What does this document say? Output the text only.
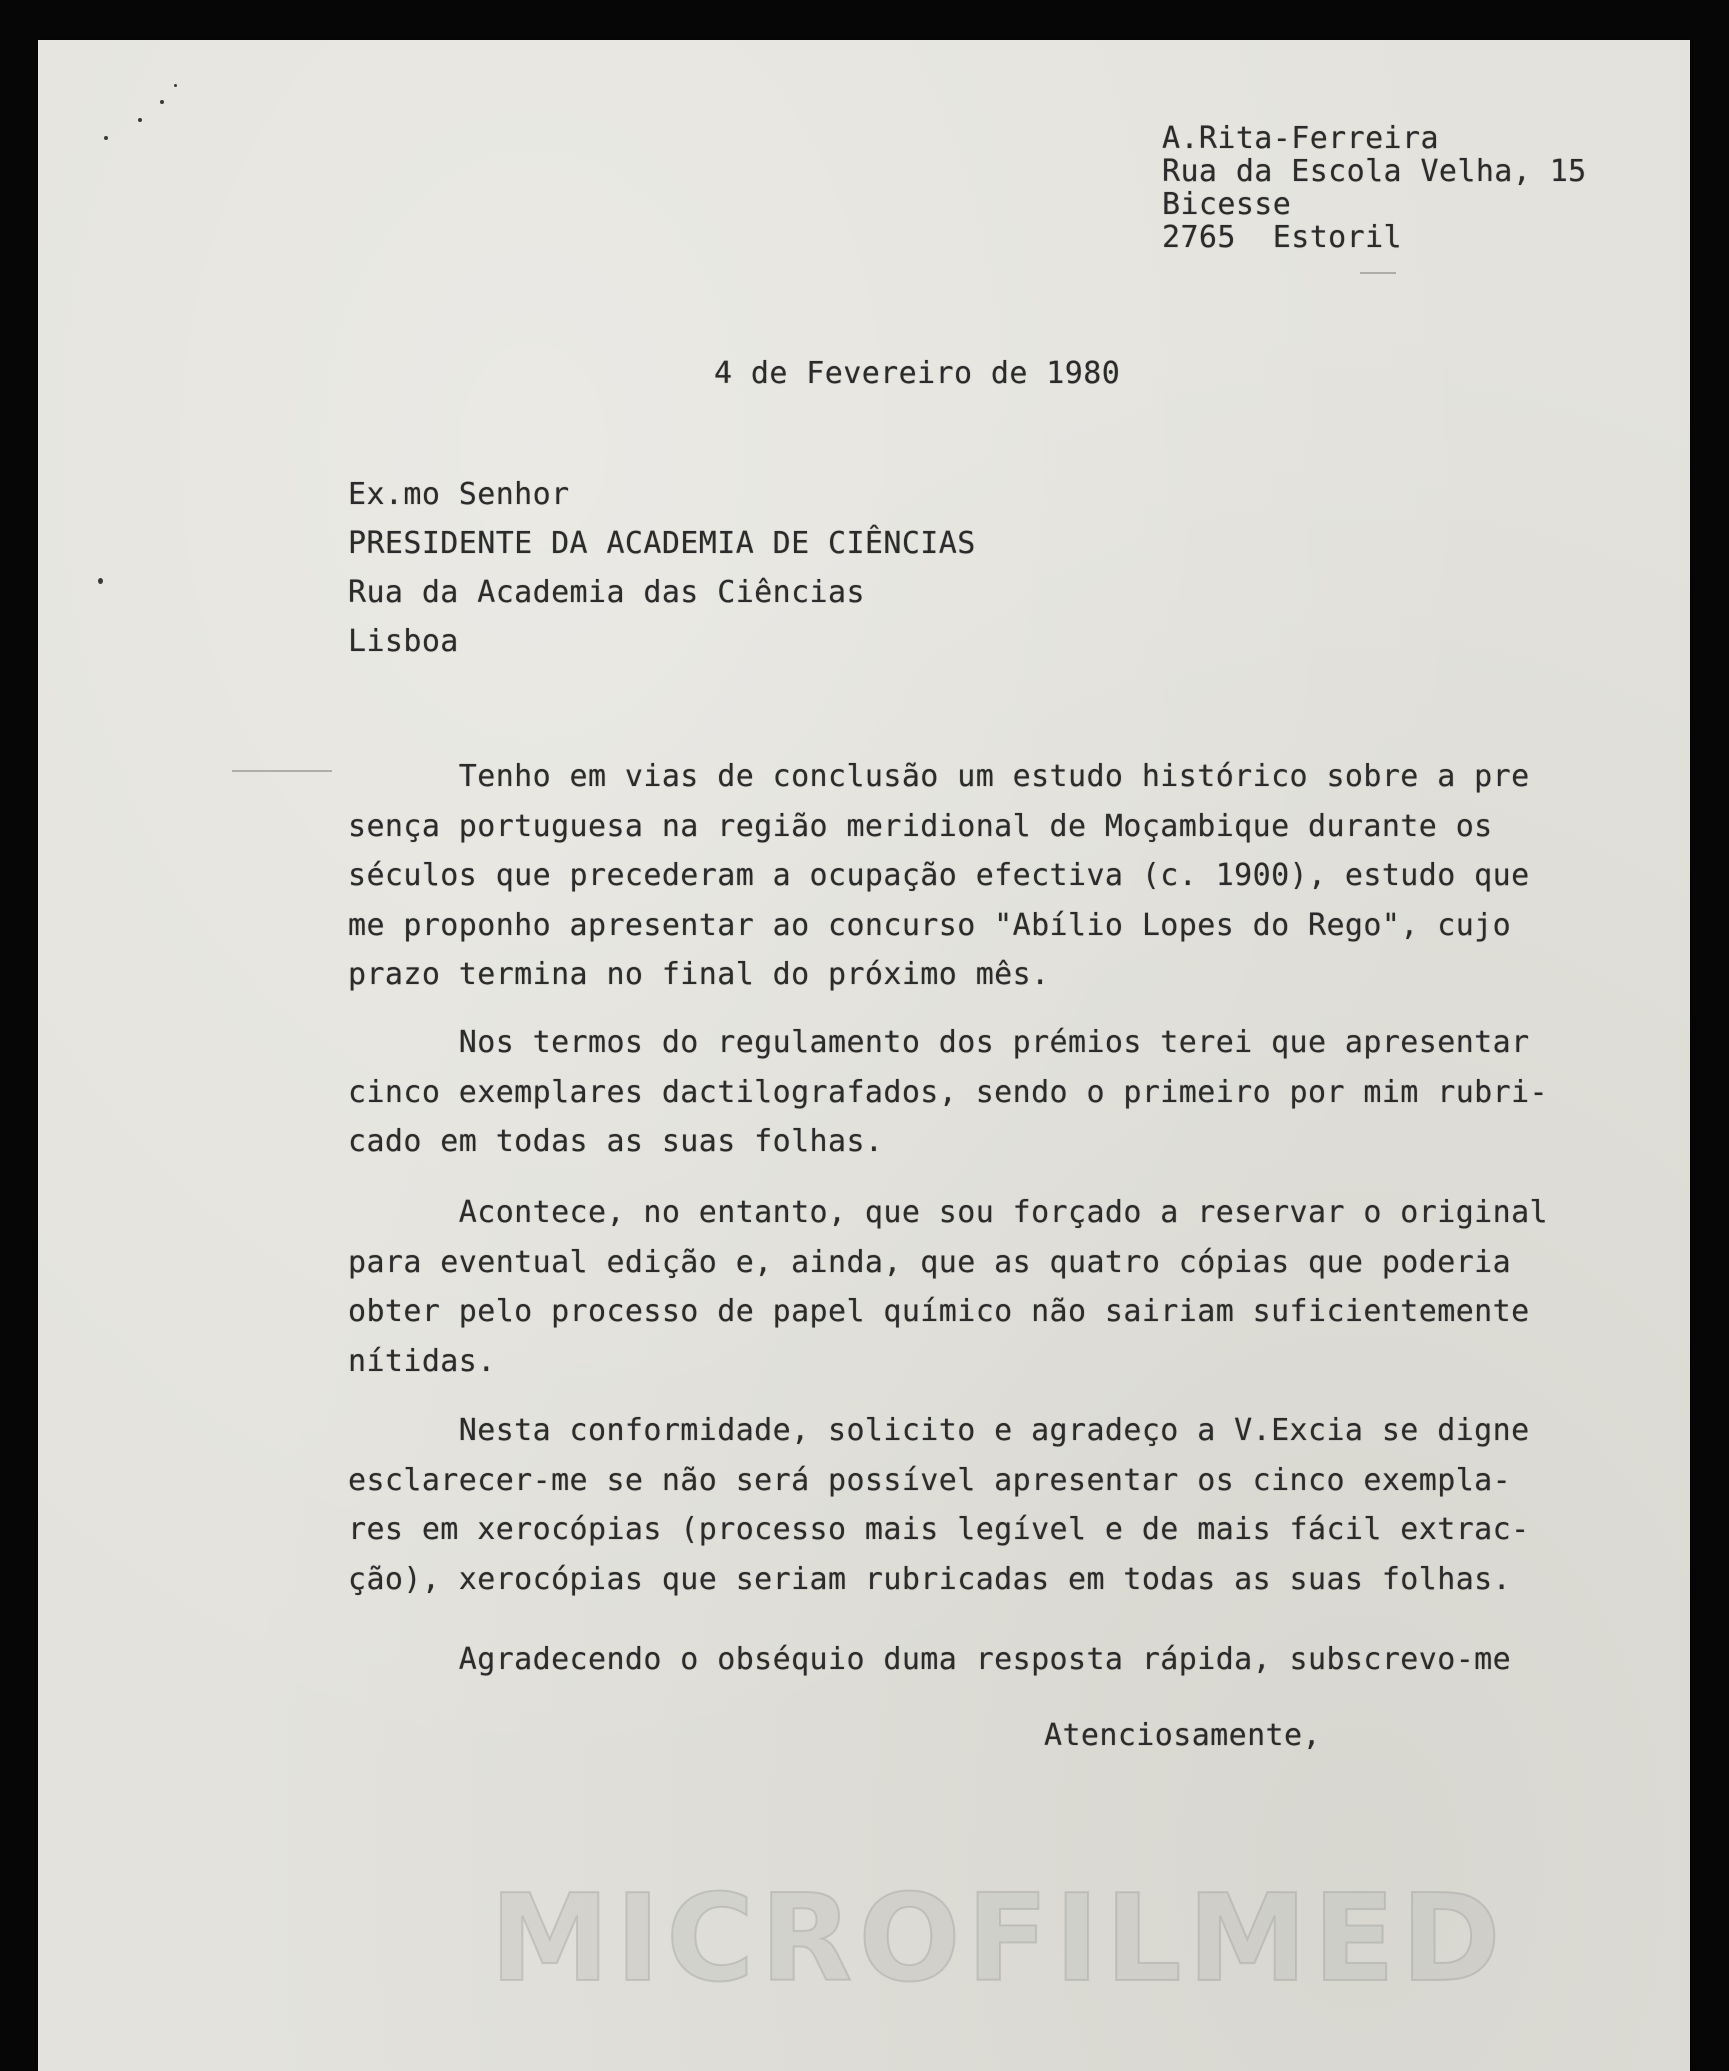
MICROFILMED
A.Rita-Ferreira
Rua da Escola Velha, 15
Bicesse
2765  Estoril
4 de Fevereiro de 1980
Ex.mo Senhor
PRESIDENTE DA ACADEMIA DE CIÊNCIAS
Rua da Academia das Ciências
Lisboa
Tenho em vias de conclusão um estudo histórico sobre a pre
sença portuguesa na região meridional de Moçambique durante os
séculos que precederam a ocupação efectiva (c. 1900), estudo que
me proponho apresentar ao concurso "Abílio Lopes do Rego", cujo
prazo termina no final do próximo mês.
Nos termos do regulamento dos prémios terei que apresentar
cinco exemplares dactilografados, sendo o primeiro por mim rubri-
cado em todas as suas folhas.
Acontece, no entanto, que sou forçado a reservar o original
para eventual edição e, ainda, que as quatro cópias que poderia
obter pelo processo de papel químico não sairiam suficientemente
nítidas.
Nesta conformidade, solicito e agradeço a V.Excia se digne
esclarecer-me se não será possível apresentar os cinco exempla-
res em xerocópias (processo mais legível e de mais fácil extrac-
ção), xerocópias que seriam rubricadas em todas as suas folhas.
Agradecendo o obséquio duma resposta rápida, subscrevo-me
Atenciosamente,
